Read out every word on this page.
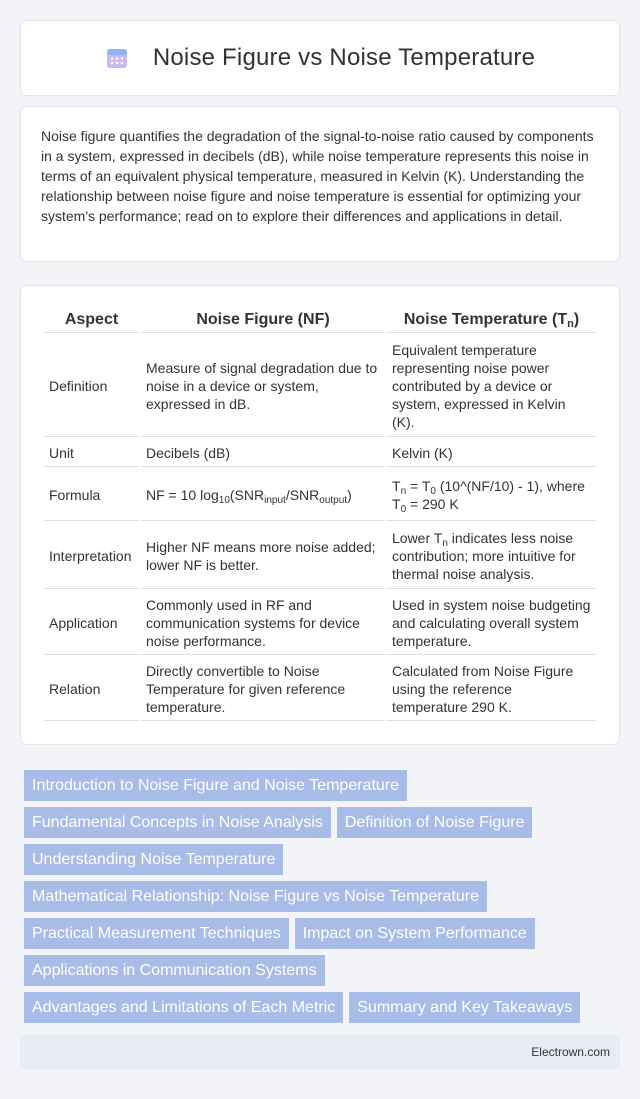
Noise Figure vs Noise Temperature

Noise figure quantifies the degradation of the signal-to-noise ratio caused by components in a system, expressed in decibels (dB), while noise temperature represents this noise in terms of an equivalent physical temperature, measured in Kelvin (K). Understanding the relationship between noise figure and noise temperature is essential for optimizing your system's performance; read on to explore their differences and applications in detail.

Aspect	Noise Figure (NF)	Noise Temperature $(T_n)$
Definition	Measure of signal degradation due to noise in a device or system, expressed in dB.	Equivalent temperature representing noise power contributed by a device or system, expressed in Kelvin (K).
Unit	Decibels (dB)	Kelvin (K)
Formula	NF = 10 $\log_{10}(SNR_{input}/SNR_{output})$	$T_n = T_0$ (10^(NF/10) - 1), where $T_0 = 290$ K
Interpretation	Higher NF means more noise added; lower NF is better.	Lower $T_n$ indicates less noise contribution; more intuitive for thermal noise analysis.
Application	Commonly used in RF and communication systems for device noise performance.	Used in system noise budgeting and calculating overall system temperature.
Relation	Directly convertible to Noise Temperature for given reference temperature.	Calculated from Noise Figure using the reference temperature 290 K.
Introduction to Noise Figure and Noise Temperature
Fundamental Concepts in Noise Analysis	Definition of Noise Figure
Understanding Noise Temperature
Mathematical Relationship: Noise Figure vs Noise Temperature
Practical Measurement Techniques	Impact on System Performance
Applications in Communication Systems
Advantages and Limitations of Each Metric	Summary and Key Takeaways
Electrown.com
